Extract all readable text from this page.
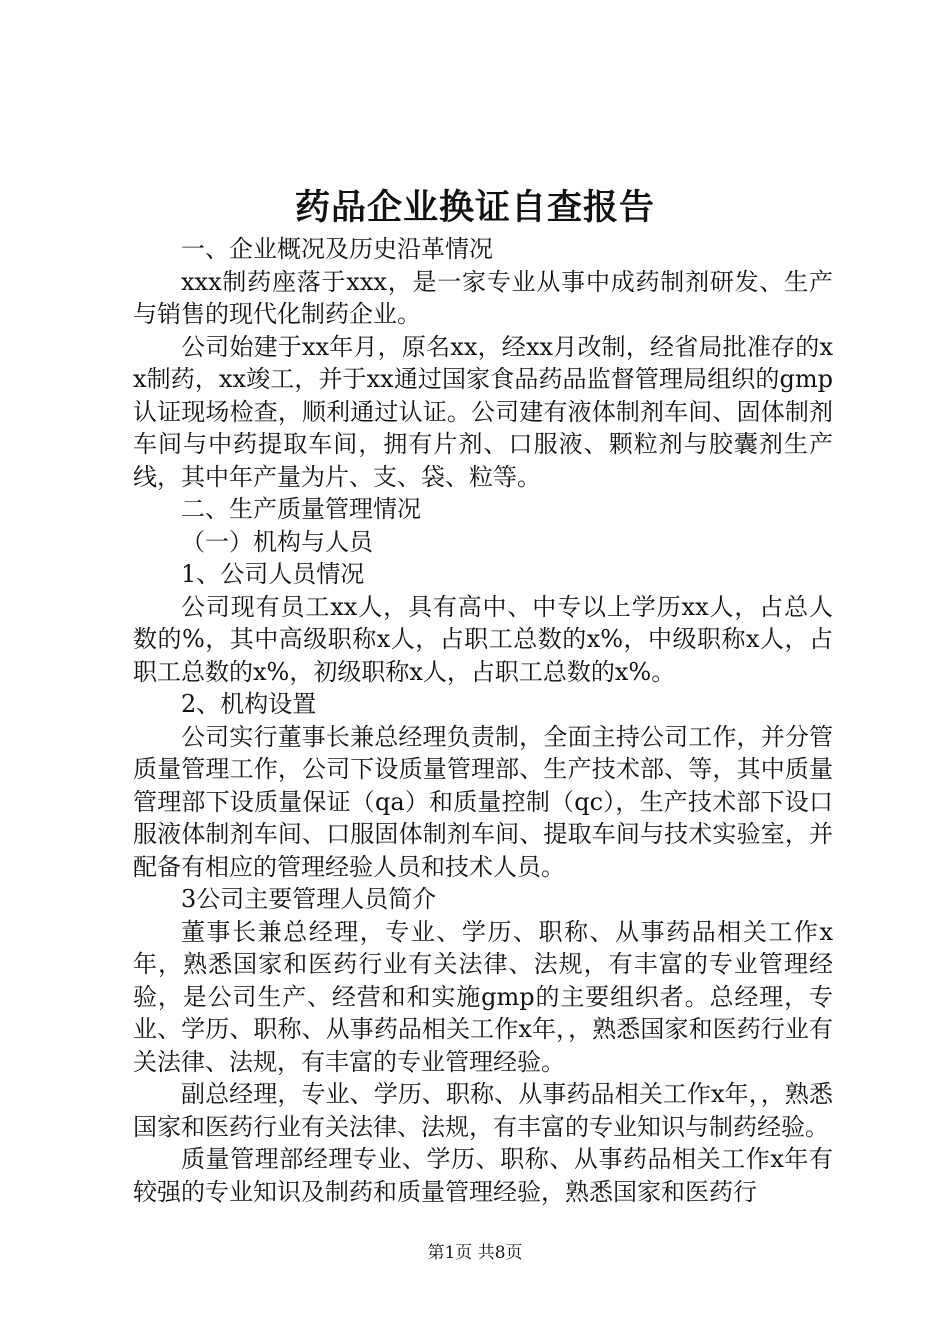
药品企业换证自查报告

一、企业概况及历史沿革情况

xxx制药座落于xxx，是一家专业从事中成药制剂研发、生产与销售的现代化制药企业。

公司始建于xx年月，原名xx，经xx月改制，经省局批准存的xx制药，xx竣工，并于xx通过国家食品药品监督管理局组织的gmp认证现场检查，顺利通过认证。公司建有液体制剂车间、固体制剂车间与中药提取车间，拥有片剂、口服液、颗粒剂与胶囊剂生产线，其中年产量为片、支、袋、粒等。

二、生产质量管理情况

（一）机构与人员

1、公司人员情况

公司现有员工xx人，具有高中、中专以上学历xx人，占总人数的%，其中高级职称x人，占职工总数的x%，中级职称x人，占职工总数的x%，初级职称x人，占职工总数的x%。

2、机构设置

公司实行董事长兼总经理负责制，全面主持公司工作，并分管质量管理工作，公司下设质量管理部、生产技术部、等，其中质量管理部下设质量保证（qa）和质量控制（qc），生产技术部下设口服液体制剂车间、口服固体制剂车间、提取车间与技术实验室，并配备有相应的管理经验人员和技术人员。

3公司主要管理人员简介

董事长兼总经理，专业、学历、职称、从事药品相关工作x年，熟悉国家和医药行业有关法律、法规，有丰富的专业管理经验，是公司生产、经营和和实施gmp的主要组织者。总经理，专业、学历、职称、从事药品相关工作x年，，熟悉国家和医药行业有关法律、法规，有丰富的专业管理经验。

副总经理，专业、学历、职称、从事药品相关工作x年，，熟悉国家和医药行业有关法律、法规，有丰富的专业知识与制药经验。

质量管理部经理专业、学历、职称、从事药品相关工作x年有较强的专业知识及制药和质量管理经验，熟悉国家和医药行

第1页 共8页
